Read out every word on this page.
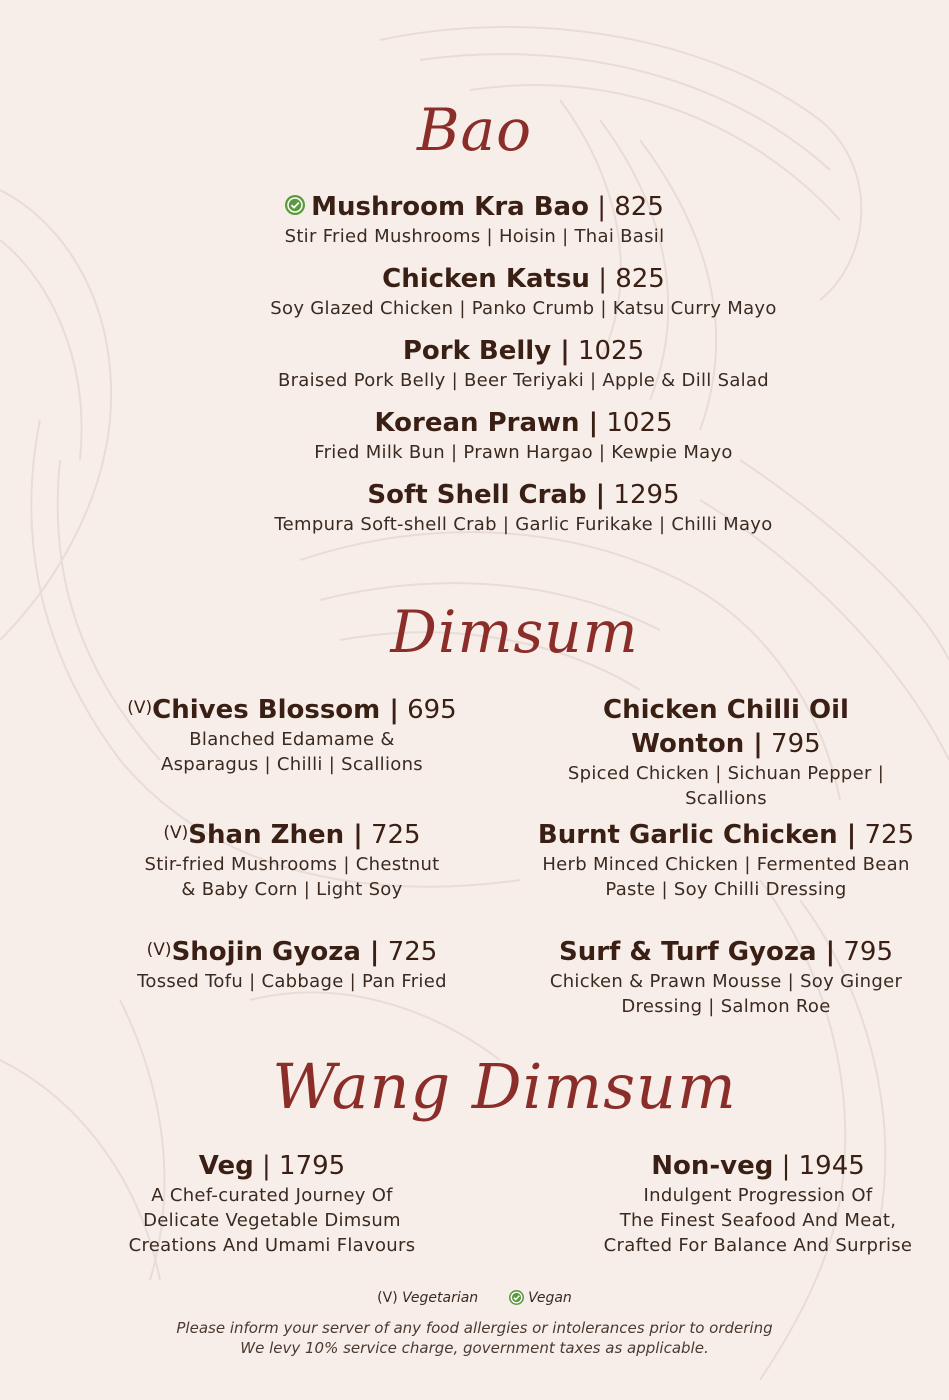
Bao
Mushroom Kra Bao | 825
Stir Fried Mushrooms | Hoisin | Thai Basil
Chicken Katsu | 825
Soy Glazed Chicken | Panko Crumb | Katsu Curry Mayo
Pork Belly | 1025
Braised Pork Belly | Beer Teriyaki | Apple & Dill Salad
Korean Prawn | 1025
Fried Milk Bun | Prawn Hargao | Kewpie Mayo
Soft Shell Crab | 1295
Tempura Soft-shell Crab | Garlic Furikake | Chilli Mayo
Dimsum
$^{(V)}$Chives Blossom | 695
Blanched Edamame &
Asparagus | Chilli | Scallions
Chicken Chilli Oil
Wonton | 795
Spiced Chicken | Sichuan Pepper | Scallions
$^{(V)}$Shan Zhen | 725
Stir-fried Mushrooms | Chestnut
& Baby Corn | Light Soy
Burnt Garlic Chicken | 725
Herb Minced Chicken | Fermented Bean
Paste | Soy Chilli Dressing
$^{(V)}$Shojin Gyoza | 725
Tossed Tofu | Cabbage | Pan Fried
Surf & Turf Gyoza | 795
Chicken & Prawn Mousse | Soy Ginger
Dressing | Salmon Roe
Wang Dimsum
Veg | 1795
A Chef-curated Journey Of
Delicate Vegetable Dimsum
Creations And Umami Flavours
Non-veg | 1945
Indulgent Progression Of
The Finest Seafood And Meat,
Crafted For Balance And Surprise
(V) Vegetarian	Vegan
Please inform your server of any food allergies or intolerances prior to ordering
We levy 10% service charge, government taxes as applicable.
